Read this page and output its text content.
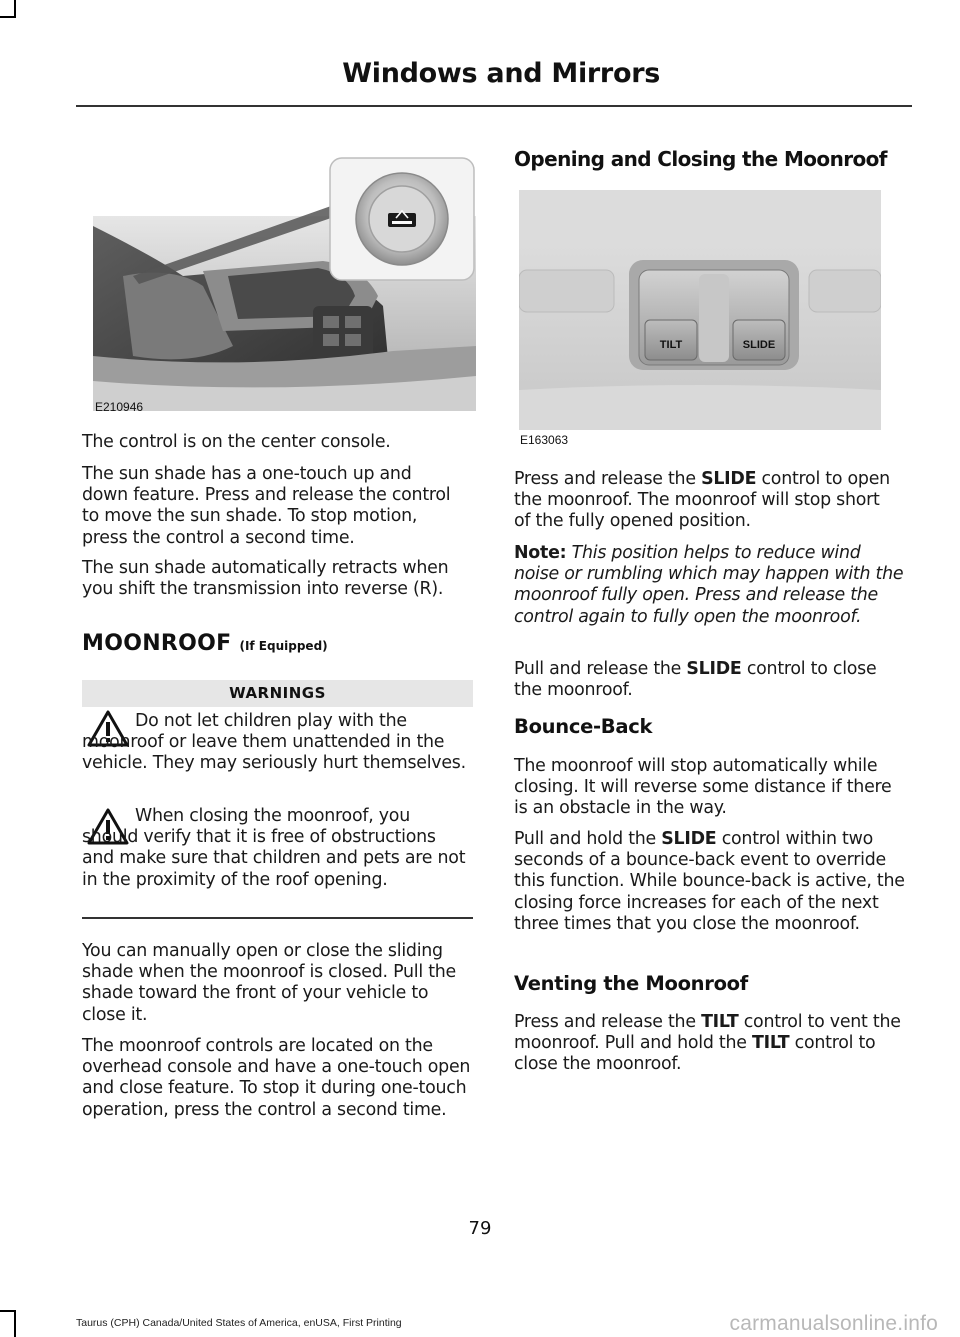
Windows and Mirrors
E210946

The control is on the center console.

The sun shade has a one-touch up and down feature. Press and release the control to move the sun shade. To stop motion, press the control a second time.

The sun shade automatically retracts when you shift the transmission into reverse (R).

MOONROOF (If Equipped)
WARNINGS

Do not let children play with the moonroof or leave them unattended in the vehicle. They may seriously hurt themselves.

When closing the moonroof, you should verify that it is free of obstructions and make sure that children and pets are not in the proximity of the roof opening.

You can manually open or close the sliding shade when the moonroof is closed. Pull the shade toward the front of your vehicle to close it.

The moonroof controls are located on the overhead console and have a one-touch open and close feature. To stop it during one-touch operation, press the control a second time.

Opening and Closing the Moonroof
TILT	SLIDE
E163063

Press and release the SLIDE control to open the moonroof. The moonroof will stop short of the fully opened position.

Note: This position helps to reduce wind noise or rumbling which may happen with the moonroof fully open. Press and release the control again to fully open the moonroof.

Pull and release the SLIDE control to close the moonroof.

Bounce-Back

The moonroof will stop automatically while closing. It will reverse some distance if there is an obstacle in the way.

Pull and hold the SLIDE control within two seconds of a bounce-back event to override this function. While bounce-back is active, the closing force increases for each of the next three times that you close the moonroof.

Venting the Moonroof

Press and release the TILT control to vent the moonroof. Pull and hold the TILT control to close the moonroof.

79
Taurus (CPH) Canada/United States of America, enUSA, First Printing	carmanualsonline.info
